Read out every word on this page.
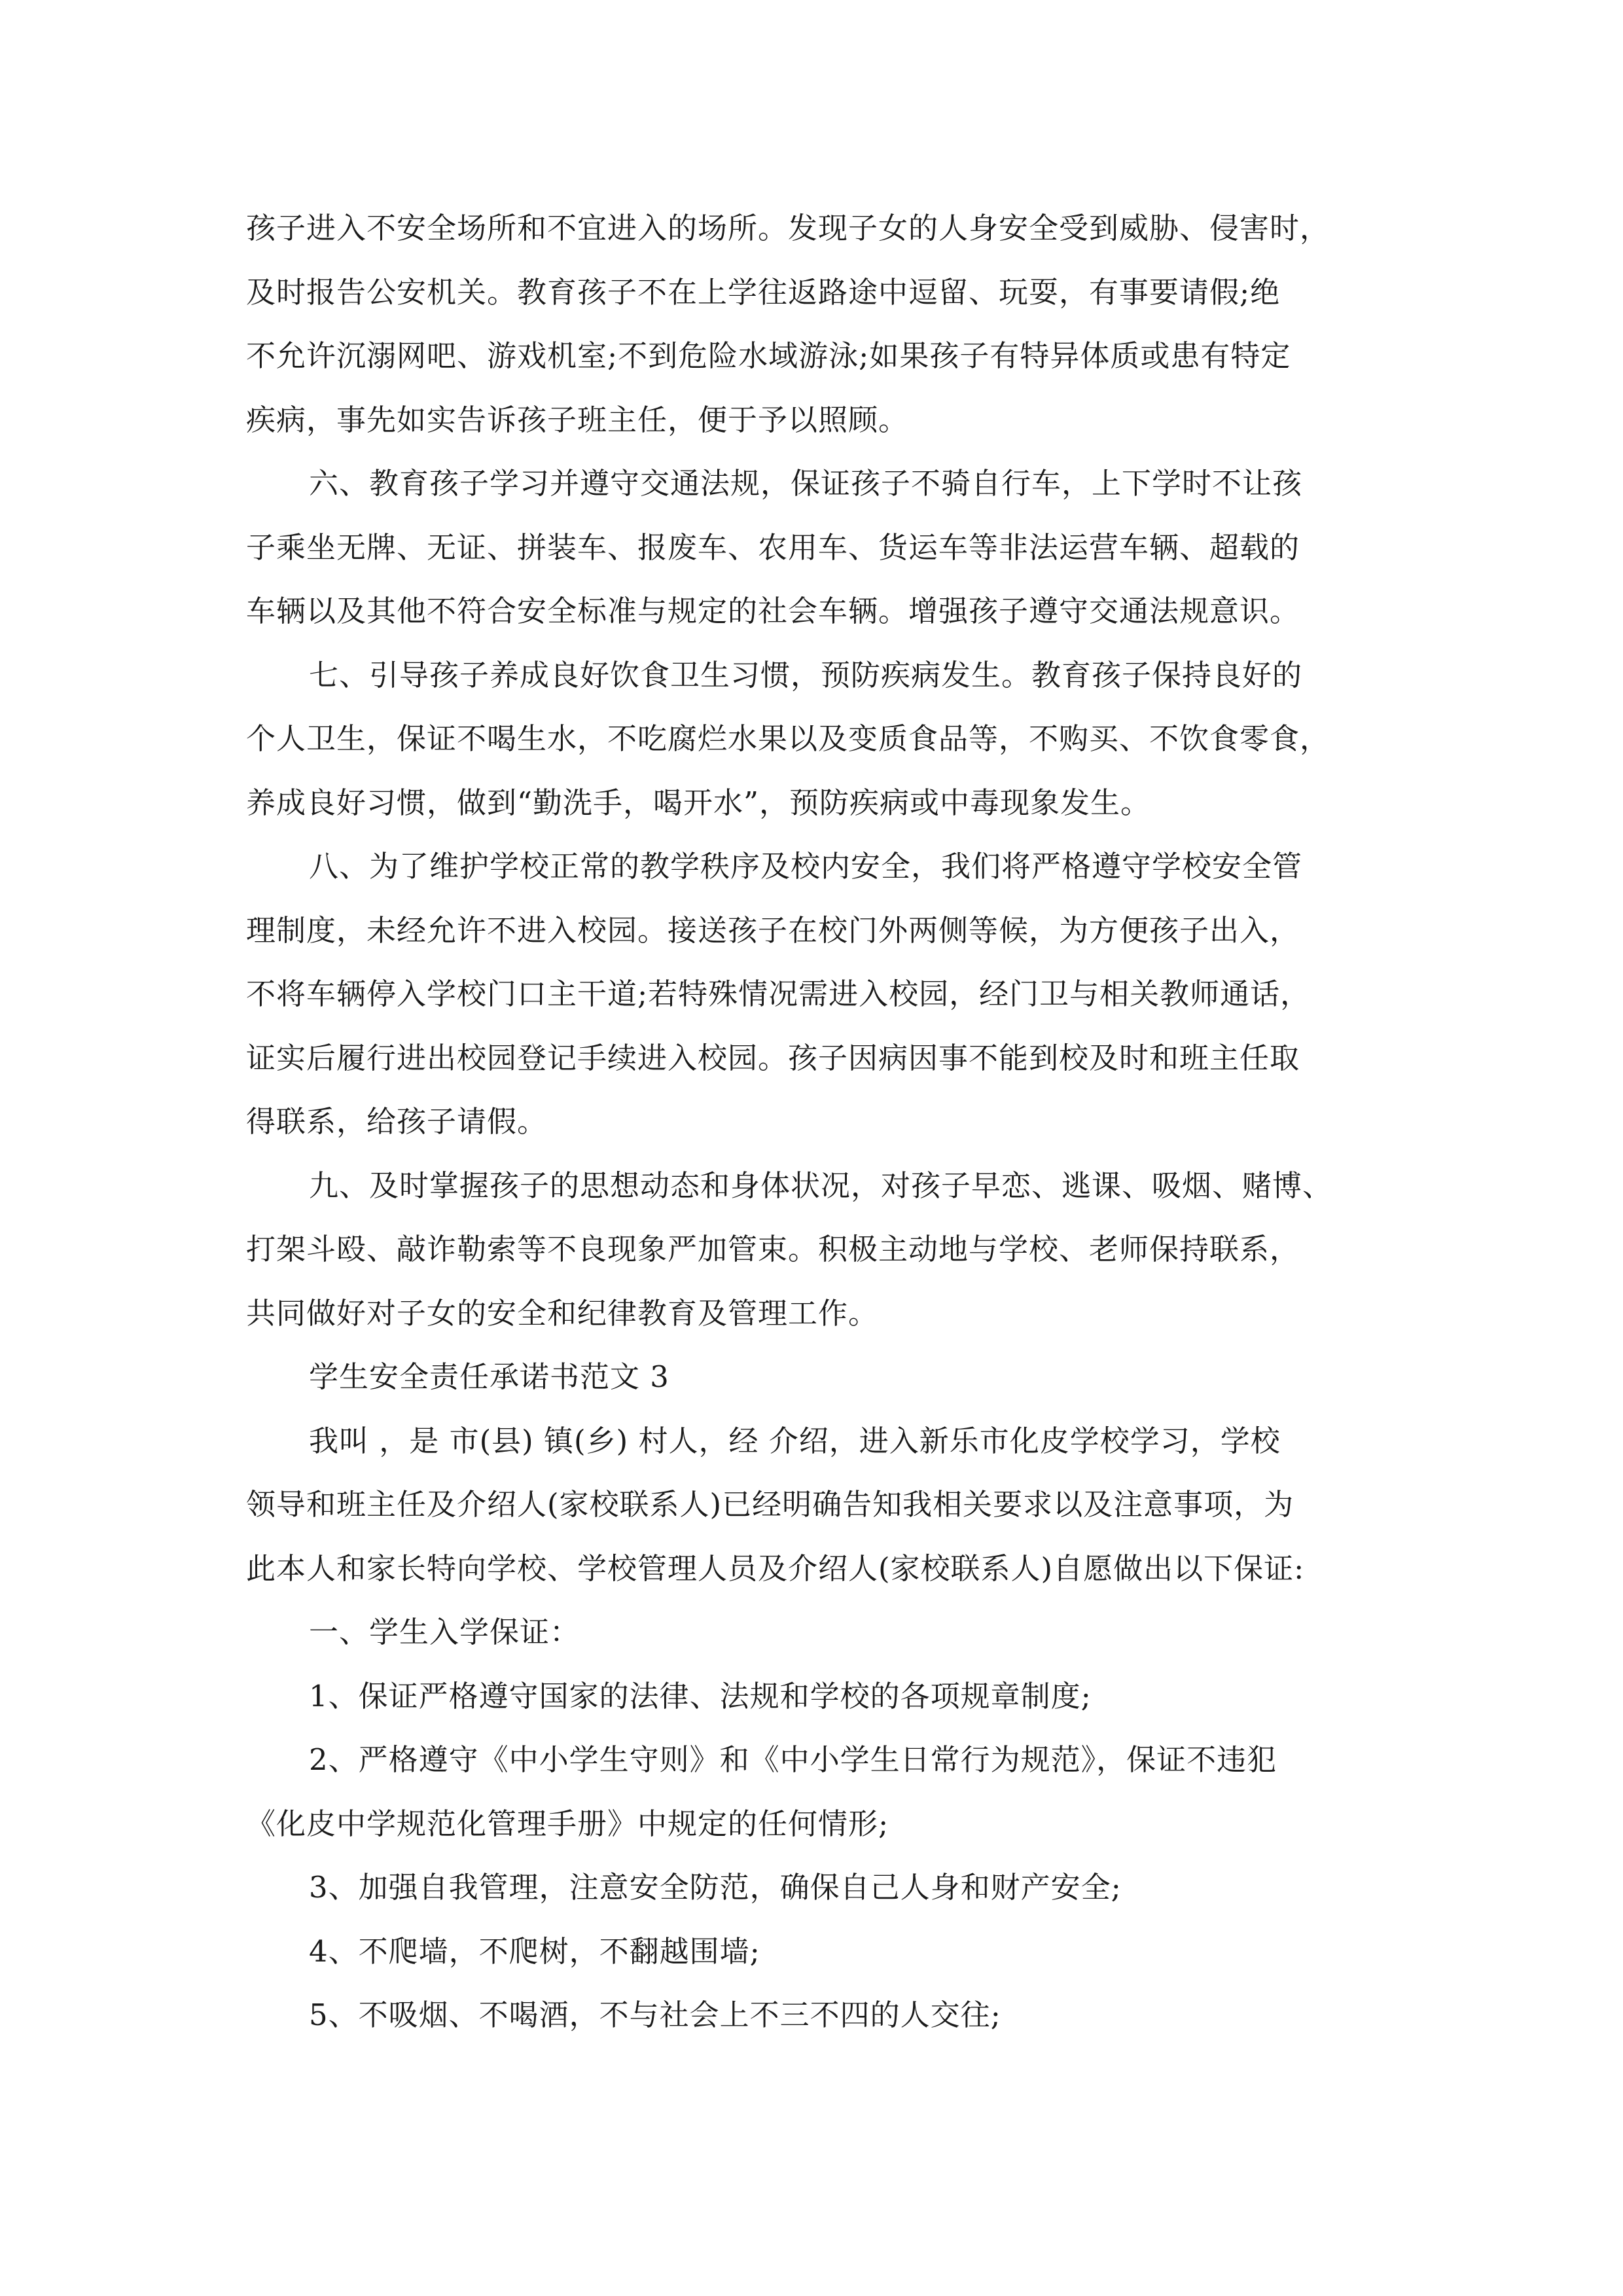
孩子进入不安全场所和不宜进入的场所。发现子女的人身安全受到威胁、侵害时，
及时报告公安机关。教育孩子不在上学往返路途中逗留、玩耍，有事要请假;绝
不允许沉溺网吧、游戏机室;不到危险水域游泳;如果孩子有特异体质或患有特定
疾病，事先如实告诉孩子班主任，便于予以照顾。
六、教育孩子学习并遵守交通法规，保证孩子不骑自行车，上下学时不让孩
子乘坐无牌、无证、拼装车、报废车、农用车、货运车等非法运营车辆、超载的
车辆以及其他不符合安全标准与规定的社会车辆。增强孩子遵守交通法规意识。
七、引导孩子养成良好饮食卫生习惯，预防疾病发生。教育孩子保持良好的
个人卫生，保证不喝生水，不吃腐烂水果以及变质食品等，不购买、不饮食零食，
养成良好习惯，做到“勤洗手，喝开水”，预防疾病或中毒现象发生。
八、为了维护学校正常的教学秩序及校内安全，我们将严格遵守学校安全管
理制度，未经允许不进入校园。接送孩子在校门外两侧等候，为方便孩子出入，
不将车辆停入学校门口主干道;若特殊情况需进入校园，经门卫与相关教师通话，
证实后履行进出校园登记手续进入校园。孩子因病因事不能到校及时和班主任取
得联系，给孩子请假。
九、及时掌握孩子的思想动态和身体状况，对孩子早恋、逃课、吸烟、赌博、
打架斗殴、敲诈勒索等不良现象严加管束。积极主动地与学校、老师保持联系，
共同做好对子女的安全和纪律教育及管理工作。
学生安全责任承诺书范文 3
我叫 ，是 市(县) 镇(乡) 村人，经 介绍，进入新乐市化皮学校学习，学校
领导和班主任及介绍人(家校联系人)已经明确告知我相关要求以及注意事项，为
此本人和家长特向学校、学校管理人员及介绍人(家校联系人)自愿做出以下保证:
一、学生入学保证：
1、保证严格遵守国家的法律、法规和学校的各项规章制度;
2、严格遵守《中小学生守则》和《中小学生日常行为规范》，保证不违犯
《化皮中学规范化管理手册》中规定的任何情形;
3、加强自我管理，注意安全防范，确保自己人身和财产安全;
4、不爬墙，不爬树，不翻越围墙;
5、不吸烟、不喝酒，不与社会上不三不四的人交往;
